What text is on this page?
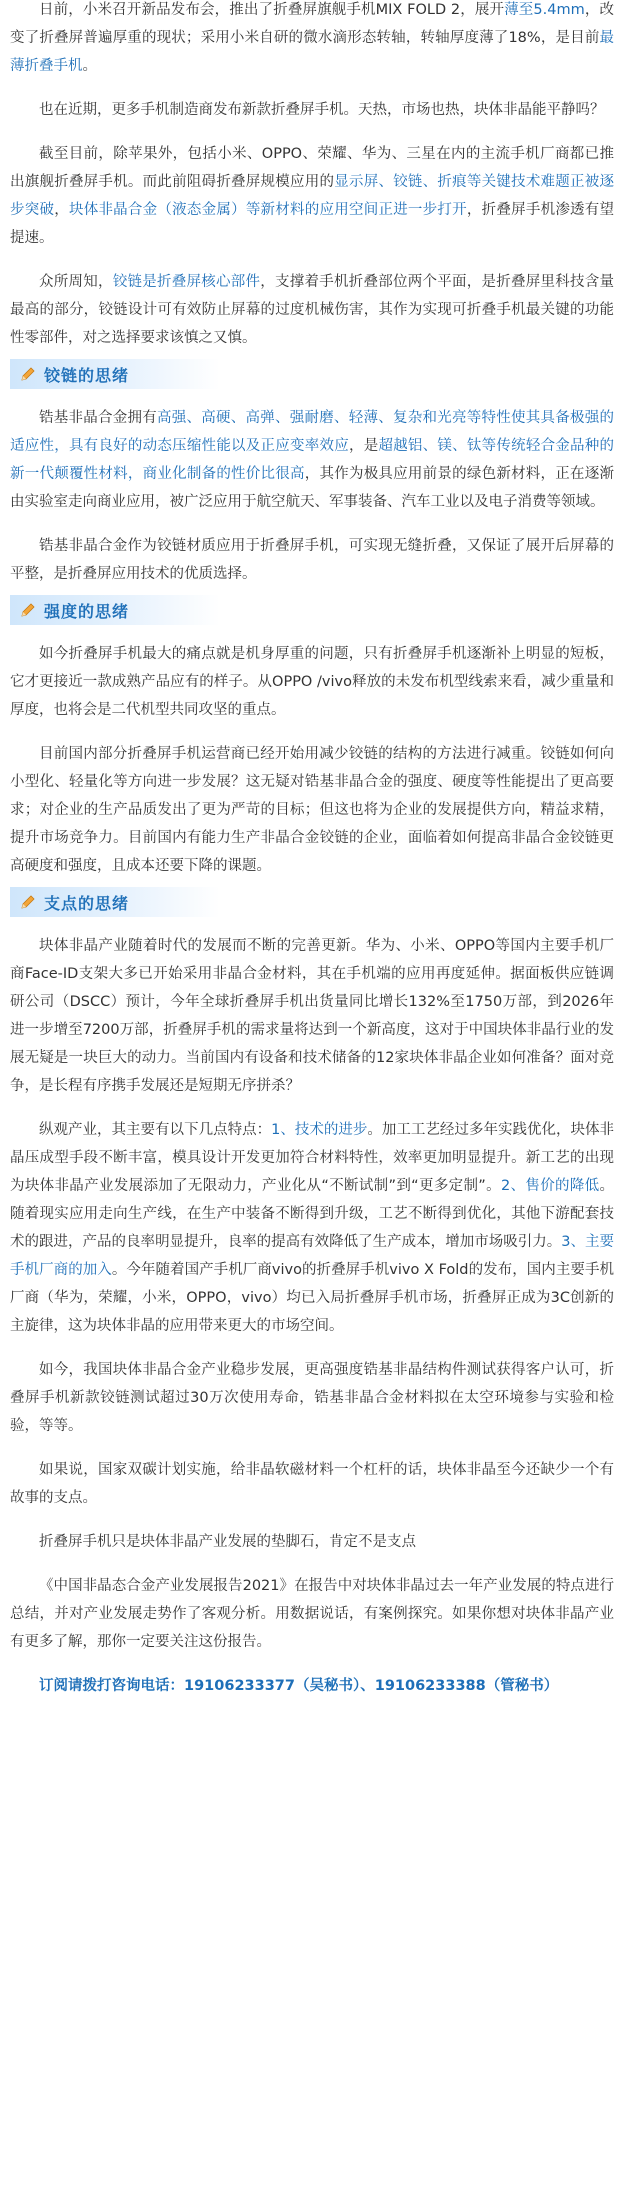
日前，小米召开新品发布会，推出了折叠屏旗舰手机MIX FOLD 2，展开薄至5.4mm，改变了折叠屏普遍厚重的现状；采用小米自研的微水滴形态转轴，转轴厚度薄了18%，是目前最薄折叠手机。

也在近期，更多手机制造商发布新款折叠屏手机。天热，市场也热，块体非晶能平静吗？

截至目前，除苹果外，包括小米、OPPO、荣耀、华为、三星在内的主流手机厂商都已推出旗舰折叠屏手机。而此前阻碍折叠屏规模应用的显示屏、铰链、折痕等关键技术难题正被逐步突破，块体非晶合金（液态金属）等新材料的应用空间正进一步打开，折叠屏手机渗透有望提速。

众所周知，铰链是折叠屏核心部件，支撑着手机折叠部位两个平面，是折叠屏里科技含量最高的部分，铰链设计可有效防止屏幕的过度机械伤害，其作为实现可折叠手机最关键的功能性零部件，对之选择要求该慎之又慎。

铰链的思绪

锆基非晶合金拥有高强、高硬、高弹、强耐磨、轻薄、复杂和光亮等特性使其具备极强的适应性，具有良好的动态压缩性能以及正应变率效应，是超越铝、镁、钛等传统轻合金品种的新一代颠覆性材料，商业化制备的性价比很高，其作为极具应用前景的绿色新材料，正在逐渐由实验室走向商业应用，被广泛应用于航空航天、军事装备、汽车工业以及电子消费等领域。

锆基非晶合金作为铰链材质应用于折叠屏手机，可实现无缝折叠，又保证了展开后屏幕的平整，是折叠屏应用技术的优质选择。

强度的思绪

如今折叠屏手机最大的痛点就是机身厚重的问题，只有折叠屏手机逐渐补上明显的短板，它才更接近一款成熟产品应有的样子。从OPPO /vivo释放的未发布机型线索来看，减少重量和厚度，也将会是二代机型共同攻坚的重点。

目前国内部分折叠屏手机运营商已经开始用减少铰链的结构的方法进行减重。铰链如何向小型化、轻量化等方向进一步发展？这无疑对锆基非晶合金的强度、硬度等性能提出了更高要求；对企业的生产品质发出了更为严苛的目标；但这也将为企业的发展提供方向，精益求精，提升市场竞争力。目前国内有能力生产非晶合金铰链的企业，面临着如何提高非晶合金铰链更高硬度和强度，且成本还要下降的课题。

支点的思绪

块体非晶产业随着时代的发展而不断的完善更新。华为、小米、OPPO等国内主要手机厂商Face-ID支架大多已开始采用非晶合金材料，其在手机端的应用再度延伸。据面板供应链调研公司（DSCC）预计，今年全球折叠屏手机出货量同比增长132%至1750万部，到2026年进一步增至7200万部，折叠屏手机的需求量将达到一个新高度，这对于中国块体非晶行业的发展无疑是一块巨大的动力。当前国内有设备和技术储备的12家块体非晶企业如何准备？面对竞争，是长程有序携手发展还是短期无序拼杀？

纵观产业，其主要有以下几点特点：1、技术的进步。加工工艺经过多年实践优化，块体非晶压成型手段不断丰富，模具设计开发更加符合材料特性，效率更加明显提升。新工艺的出现为块体非晶产业发展添加了无限动力，产业化从“不断试制”到“更多定制”。2、售价的降低。随着现实应用走向生产线，在生产中装备不断得到升级，工艺不断得到优化，其他下游配套技术的跟进，产品的良率明显提升，良率的提高有效降低了生产成本，增加市场吸引力。3、主要手机厂商的加入。今年随着国产手机厂商vivo的折叠屏手机vivo X Fold的发布，国内主要手机厂商（华为，荣耀，小米，OPPO，vivo）均已入局折叠屏手机市场，折叠屏正成为3C创新的主旋律，这为块体非晶的应用带来更大的市场空间。

如今，我国块体非晶合金产业稳步发展，更高强度锆基非晶结构件测试获得客户认可，折叠屏手机新款铰链测试超过30万次使用寿命，锆基非晶合金材料拟在太空环境参与实验和检验，等等。

如果说，国家双碳计划实施，给非晶软磁材料一个杠杆的话，块体非晶至今还缺少一个有故事的支点。

折叠屏手机只是块体非晶产业发展的垫脚石，肯定不是支点

《中国非晶态合金产业发展报告2021》在报告中对块体非晶过去一年产业发展的特点进行总结，并对产业发展走势作了客观分析。用数据说话，有案例探究。如果你想对块体非晶产业有更多了解，那你一定要关注这份报告。

订阅请拨打咨询电话：19106233377（吴秘书）、19106233388（管秘书）
